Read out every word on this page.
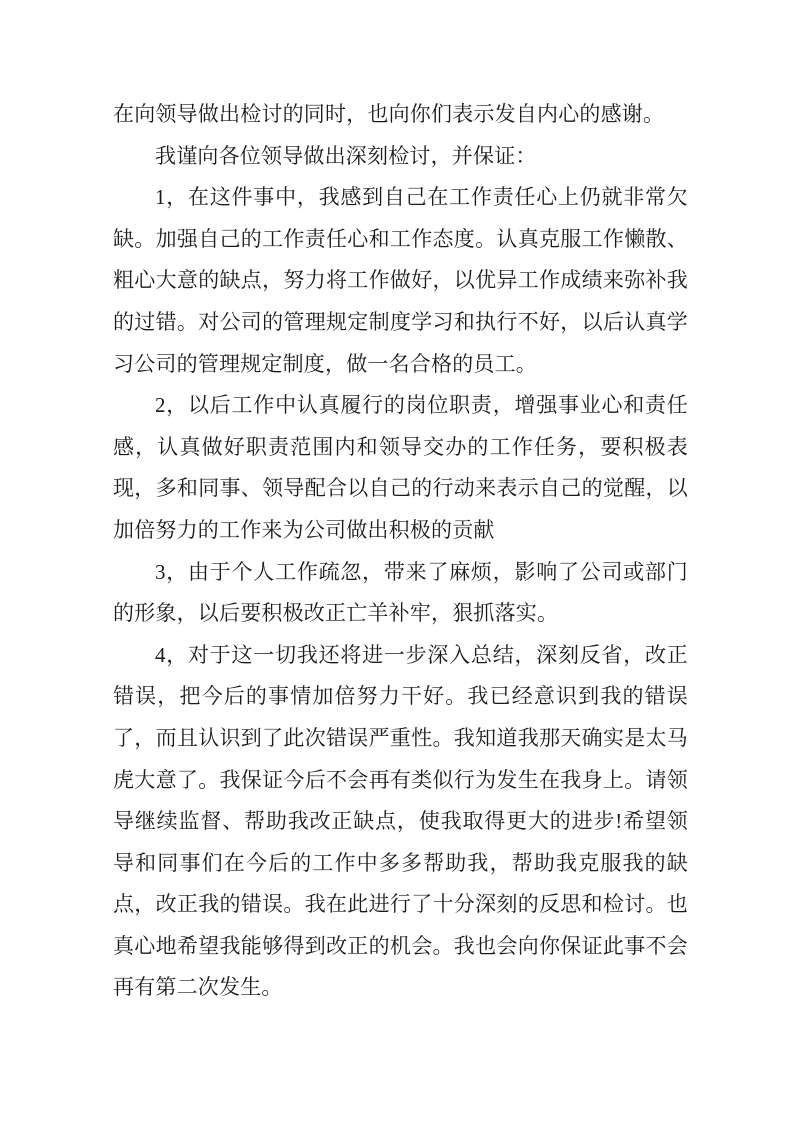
在向领导做出检讨的同时，也向你们表示发自内心的感谢。

我谨向各位领导做出深刻检讨，并保证：

1，在这件事中，我感到自己在工作责任心上仍就非常欠缺。加强自己的工作责任心和工作态度。认真克服工作懒散、粗心大意的缺点，努力将工作做好，以优异工作成绩来弥补我的过错。对公司的管理规定制度学习和执行不好，以后认真学习公司的管理规定制度，做一名合格的员工。

2，以后工作中认真履行的岗位职责，增强事业心和责任感，认真做好职责范围内和领导交办的工作任务，要积极表现，多和同事、领导配合以自己的行动来表示自己的觉醒，以加倍努力的工作来为公司做出积极的贡献

3，由于个人工作疏忽，带来了麻烦，影响了公司或部门的形象，以后要积极改正亡羊补牢，狠抓落实。

4，对于这一切我还将进一步深入总结，深刻反省，改正错误，把今后的事情加倍努力干好。我已经意识到我的错误了，而且认识到了此次错误严重性。我知道我那天确实是太马虎大意了。我保证今后不会再有类似行为发生在我身上。请领导继续监督、帮助我改正缺点，使我取得更大的进步!希望领导和同事们在今后的工作中多多帮助我，帮助我克服我的缺点，改正我的错误。我在此进行了十分深刻的反思和检讨。也真心地希望我能够得到改正的机会。我也会向你保证此事不会再有第二次发生。
